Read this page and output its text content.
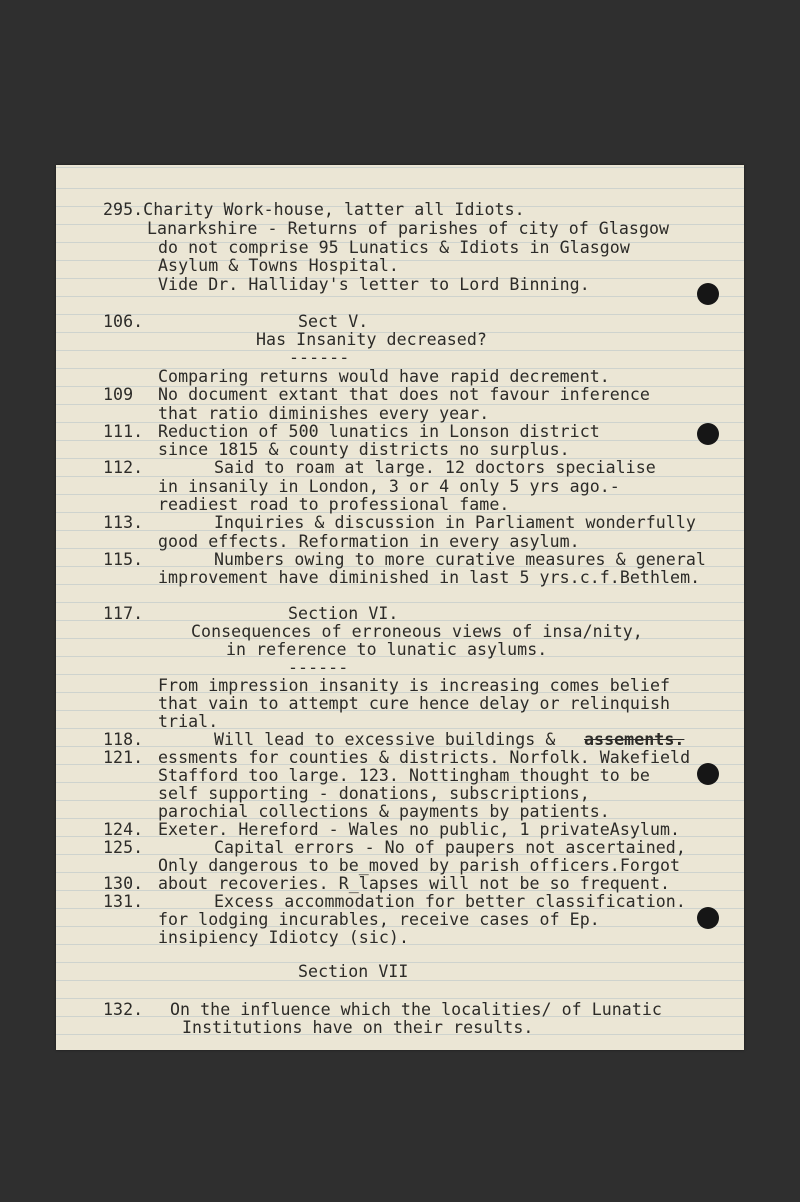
295.Charity Work-house, latter all Idiots.
Lanarkshire - Returns of parishes of city of Glasgow
do not comprise 95 Lunatics & Idiots in Glasgow
Asylum & Towns Hospital.
Vide Dr. Halliday's letter to Lord Binning.
106.	Sect V.
Has Insanity decreased?
------
Comparing returns would have rapid decrement.
109 No document extant that does not favour inference
that ratio diminishes every year.
111. Reduction of 500 lunatics in Lonson district
since 1815 & county districts no surplus.
112.	Said to roam at large. 12 doctors specialise
in insanily in London, 3 or 4 only 5 yrs ago.-
readiest road to professional fame.
113.	Inquiries & discussion in Parliament wonderfully
good effects. Reformation in every asylum.
115.	Numbers owing to more curative measures & general
improvement have diminished in last 5 yrs.c.f.Bethlem.
117.	Section VI.
Consequences of erroneous views of insa/nity,
in reference to lunatic asylums.
------
From impression insanity is increasing comes belief
that vain to attempt cure hence delay or relinquish
trial.
118.	Will lead to excessive buildings & assements.
121. essments for counties & districts. Norfolk. Wakefield
Stafford too large. 123. Nottingham thought to be
self supporting - donations, subscriptions,
parochial collections & payments by patients.
124. Exeter. Hereford - Wales no public, 1 privateAsylum.
125.	Capital errors - No of paupers not ascertained,
Only dangerous to be_moved by parish officers.Forgot
130. about recoveries. R_lapses will not be so frequent.
131.	Excess accommodation for better classification.
for lodging incurables, receive cases of Ep.
insipiency Idiotcy (sic).
Section VII
132. On the influence which the localities/ of Lunatic
Institutions have on their results.
